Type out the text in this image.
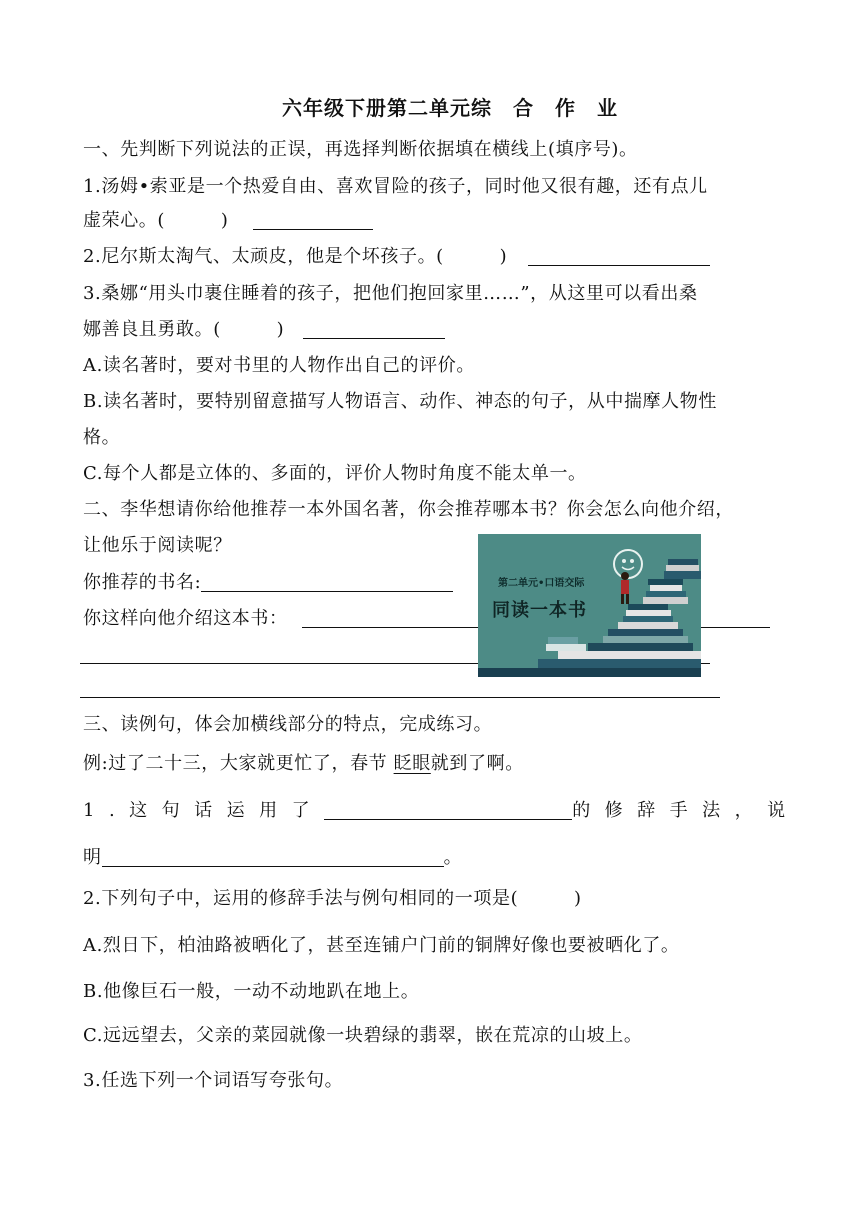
六年级下册第二单元综　合　作　业
一、先判断下列说法的正误，再选择判断依据填在横线上(填序号)。
1.汤姆•索亚是一个热爱自由、喜欢冒险的孩子，同时他又很有趣，还有点儿
虚荣心。(　　　)
2.尼尔斯太淘气、太顽皮，他是个坏孩子。(　　　)
3.桑娜“用头巾裹住睡着的孩子，把他们抱回家里……”，从这里可以看出桑
娜善良且勇敢。(　　　)
A.读名著时，要对书里的人物作出自己的评价。
B.读名著时，要特别留意描写人物语言、动作、神态的句子，从中揣摩人物性
格。
C.每个人都是立体的、多面的，评价人物时角度不能太单一。
二、李华想请你给他推荐一本外国名著，你会推荐哪本书？你会怎么向他介绍，
让他乐于阅读呢？
你推荐的书名:
你这样向他介绍这本书：
第二单元•口语交际
同读一本书
三、读例句，体会加横线部分的特点，完成练习。
例:过了二十三，大家就更忙了，春节 眨眼就到了啊。
1.这句话运用了	的修辞手法，说
明	。
2.下列句子中，运用的修辞手法与例句相同的一项是(　　　)
A.烈日下，柏油路被晒化了，甚至连铺户门前的铜牌好像也要被晒化了。
B.他像巨石一般，一动不动地趴在地上。
C.远远望去，父亲的菜园就像一块碧绿的翡翠，嵌在荒凉的山坡上。
3.任选下列一个词语写夸张句。
